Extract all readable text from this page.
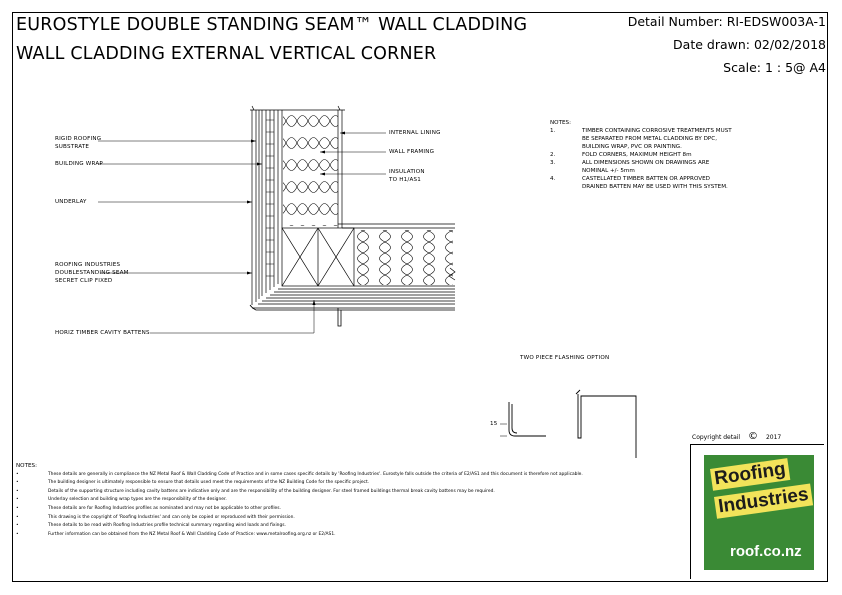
EUROSTYLE DOUBLE STANDING SEAM™ WALL CLADDING
WALL CLADDING EXTERNAL VERTICAL CORNER
Detail Number: RI-EDSW003A-1
Date drawn: 02/02/2018
Scale: 1 : 5@ A4
RIGID ROOFING
SUBSTRATE
BUILDING WRAP
UNDERLAY
ROOFING INDUSTRIES
DOUBLESTANDING SEAM
SECRET CLIP FIXED
HORIZ TIMBER CAVITY BATTENS
INTERNAL LINING
WALL FRAMING
INSULATION
TO H1/AS1
NOTES:
1.	TIMBER CONTAINING CORROSIVE TREATMENTS MUST
BE SEPARATED FROM METAL CLADDING BY DPC,
BUILDING WRAP, PVC OR PAINTING.
2.	FOLD CORNERS, MAXIMUM HEIGHT 8m
3.	ALL DIMENSIONS SHOWN ON DRAWINGS ARE
NOMINAL +/- 5mm
4.	CASTELLATED TIMBER BATTEN OR APPROVED
DRAINED BATTEN MAY BE USED WITH THIS SYSTEM.
TWO PIECE FLASHING OPTION
15
Copyright detail © 2017
NOTES:
•	These details are generally in compliance the NZ Metal Roof & Wall Cladding Code of Practice and in some cases specific details by 'Roofing Industries'. Eurostyle falls outside the criteria of E2/AS1 and this document is therefore not applicable.
•	The building designer is ultimately responsible to ensure that details used meet the requirements of the NZ Building Code for the specific project.
•	Details of the supporting structure including cavity battens are indicative only and are the responsibility of the building designer. For steel framed buildings thermal break cavity battens may be required.
•	Underlay selection and building wrap types are the responsibility of the designer.
•	These details are for Roofing Industries profiles as nominated and may not be applicable to other profiles.
•	This drawing is the copyright of 'Roofing Industries' and can only be copied or reproduced with their permission.
•	These details to be read with Roofing Industries profile technical summary regarding wind loads and fixings.
•	Further information can be obtained from the NZ Metal Roof & Wall Cladding Code of Practice: www.metalroofing.org.nz or E2/AS1.
Roofing
Industries
roof.co.nz
